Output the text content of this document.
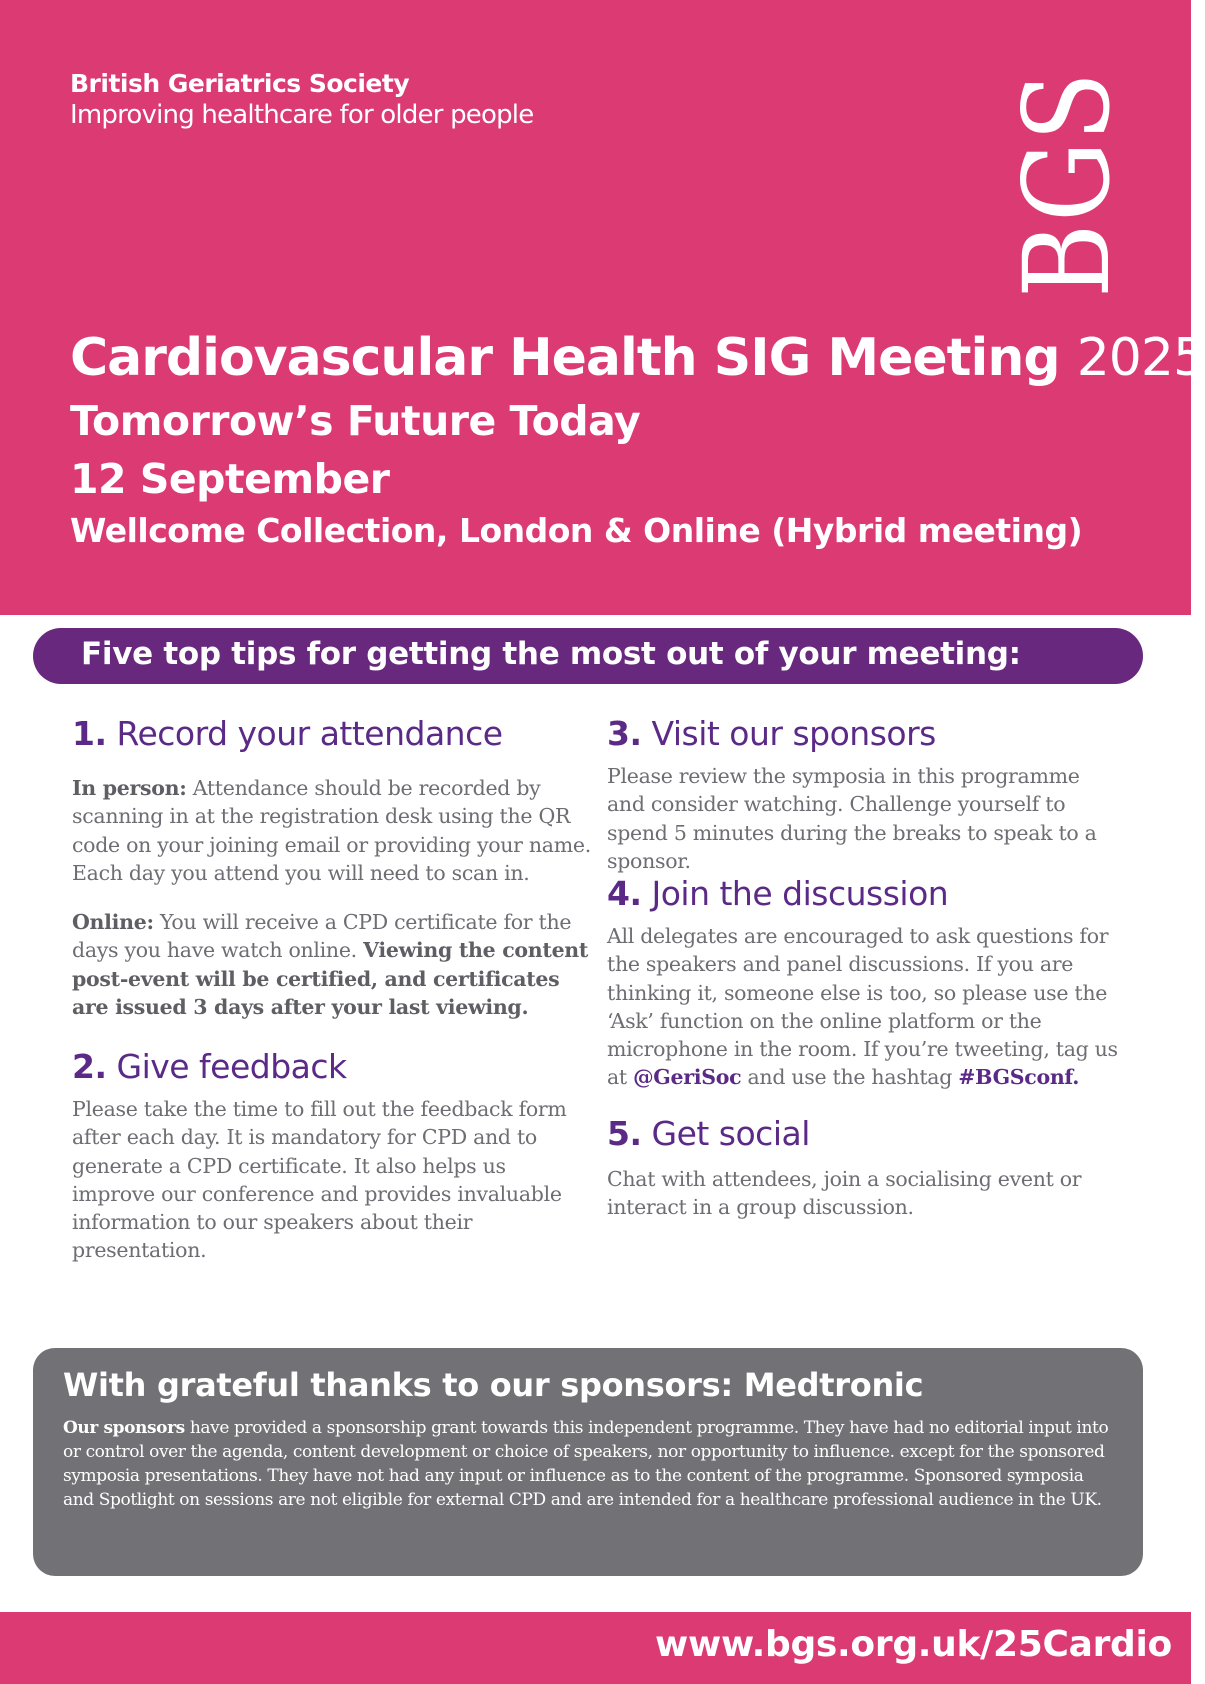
British Geriatrics Society
Improving healthcare for older people	BGS
Cardiovascular Health SIG Meeting 2025
Tomorrow’s Future Today
12 September
Wellcome Collection, London & Online (Hybrid meeting)
Five top tips for getting the most out of your meeting:
1. Record your attendance
In person: Attendance should be recorded by scanning in at the registration desk using the QR code on your joining email or providing your name. Each day you attend you will need to scan in.
Online: You will receive a CPD certificate for the days you have watch online. Viewing the content post-event will be certified, and certificates are issued 3 days after your last viewing.
2. Give feedback
Please take the time to fill out the feedback form after each day. It is mandatory for CPD and to generate a CPD certificate. It also helps us improve our conference and provides invaluable information to our speakers about their presentation.
3. Visit our sponsors
Please review the symposia in this programme and consider watching. Challenge yourself to spend 5 minutes during the breaks to speak to a sponsor.
4. Join the discussion
All delegates are encouraged to ask questions for the speakers and panel discussions. If you are thinking it, someone else is too, so please use the ‘Ask’ function on the online platform or the microphone in the room. If you’re tweeting, tag us at @GeriSoc and use the hashtag #BGSconf.
5. Get social
Chat with attendees, join a socialising event or interact in a group discussion.
With grateful thanks to our sponsors: Medtronic
Our sponsors have provided a sponsorship grant towards this independent programme. They have had no editorial input into or control over the agenda, content development or choice of speakers, nor opportunity to influence. except for the sponsored symposia presentations. They have not had any input or influence as to the content of the programme. Sponsored symposia and Spotlight on sessions are not eligible for external CPD and are intended for a healthcare professional audience in the UK.
www.bgs.org.uk/25Cardio
